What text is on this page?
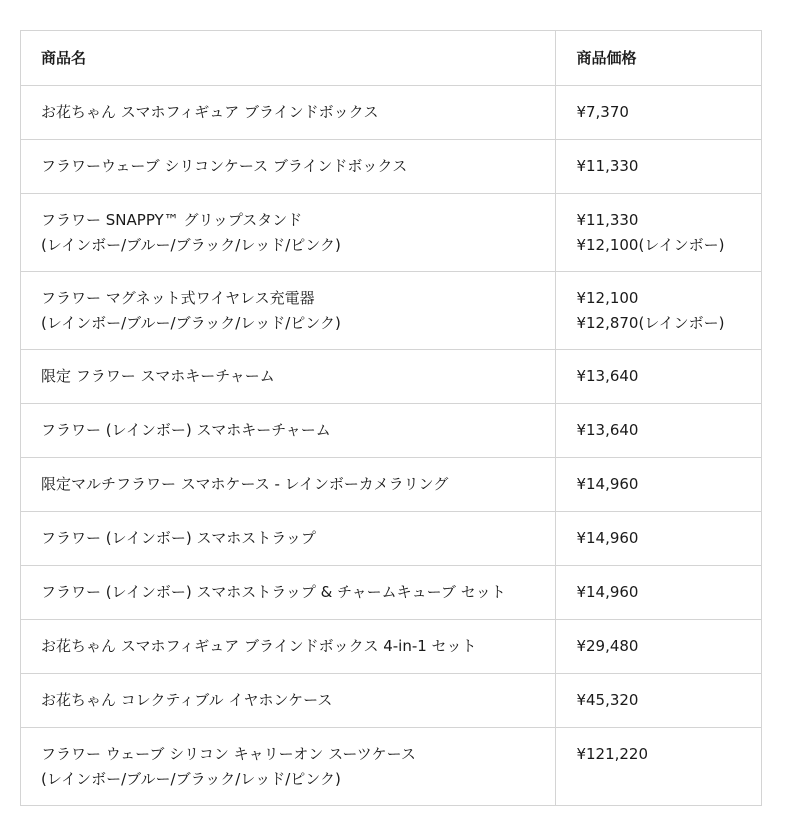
商品名	商品価格

お花ちゃん スマホフィギュア ブラインドボックス	¥7,370

フラワーウェーブ シリコンケース ブラインドボックス	¥11,330

フラワー SNAPPY™ グリップスタンド
(レインボー/ブルー/ブラック/レッド/ピンク)	¥11,330
¥12,100(レインボー)

フラワー マグネット式ワイヤレス充電器
(レインボー/ブルー/ブラック/レッド/ピンク)	¥12,100
¥12,870(レインボー)

限定 フラワー スマホキーチャーム	¥13,640

フラワー (レインボー) スマホキーチャーム	¥13,640

限定マルチフラワー スマホケース - レインボーカメラリング	¥14,960

フラワー (レインボー) スマホストラップ	¥14,960

フラワー (レインボー) スマホストラップ & チャームキューブ セット	¥14,960

お花ちゃん スマホフィギュア ブラインドボックス 4-in-1 セット	¥29,480

お花ちゃん コレクティブル イヤホンケース	¥45,320

フラワー ウェーブ シリコン キャリーオン スーツケース
(レインボー/ブルー/ブラック/レッド/ピンク)	¥121,220
